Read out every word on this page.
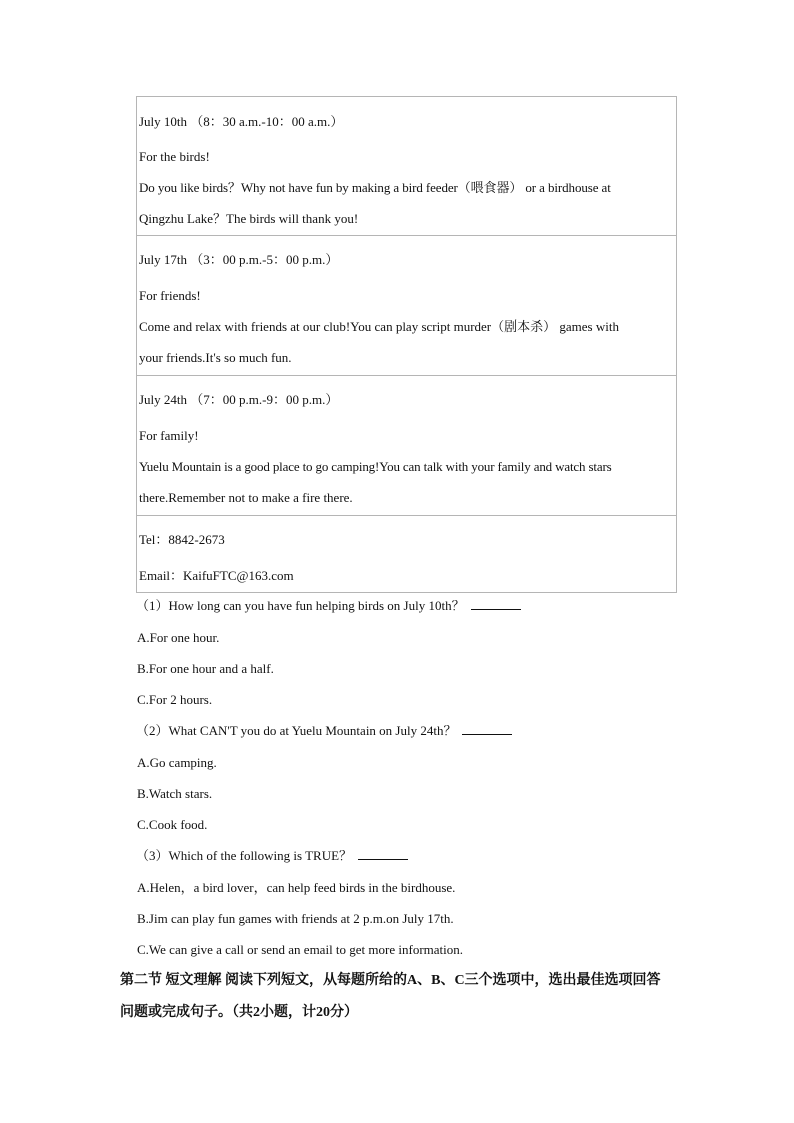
July 10th （8：30 a.m.-10：00 a.m.）

For the birds!

Do you like birds？Why not have fun by making a bird feeder（喂食器） or a birdhouse at

Qingzhu Lake？The birds will thank you!

July 17th （3：00 p.m.-5：00 p.m.）

For friends!

Come and relax with friends at our club!You can play script murder（剧本杀） games with

your friends.It's so much fun.

July 24th （7：00 p.m.-9：00 p.m.）

For family!

Yuelu Mountain is a good place to go camping!You can talk with your family and watch stars

there.Remember not to make a fire there.

Tel：8842-2673

Email：KaifuFTC@163.com

（1）How long can you have fun helping birds on July 10th？
A.For one hour.
B.For one hour and a half.
C.For 2 hours.
（2）What CAN'T you do at Yuelu Mountain on July 24th？
A.Go camping.
B.Watch stars.
C.Cook food.
（3）Which of the following is TRUE？
A.Helen，a bird lover，can help feed birds in the birdhouse.
B.Jim can play fun games with friends at 2 p.m.on July 17th.
C.We can give a call or send an email to get more information.
第二节 短文理解 阅读下列短文，从每题所给的A、B、C三个选项中，选出最佳选项回答
问题或完成句子。（共2小题，计20分）
